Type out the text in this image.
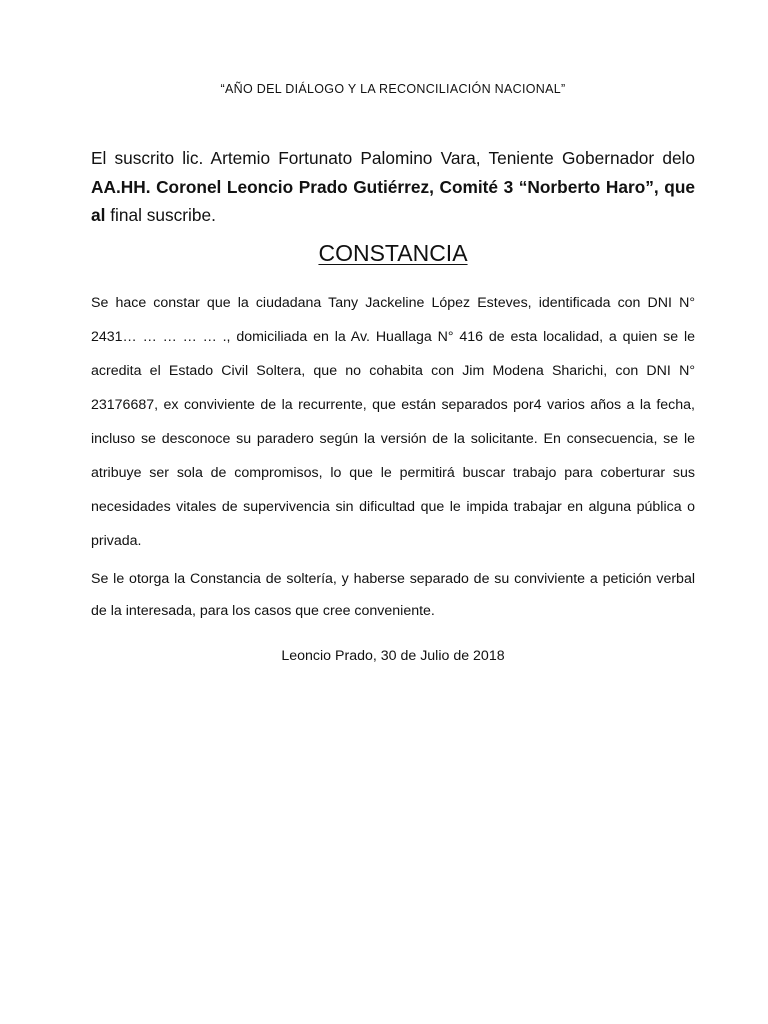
“AÑO DEL DIÁLOGO Y LA RECONCILIACIÓN NACIONAL”
El suscrito lic. Artemio Fortunato Palomino Vara, Teniente Gobernador delo AA.HH. Coronel Leoncio Prado Gutiérrez, Comité 3 “Norberto Haro”, que al final suscribe.
CONSTANCIA
Se hace constar que la ciudadana Tany Jackeline López Esteves, identificada con DNI N° 2431… … … … … ., domiciliada en la Av. Huallaga N° 416 de esta localidad, a quien se le acredita el Estado Civil Soltera, que no cohabita con Jim Modena Sharichi, con DNI N° 23176687, ex conviviente de la recurrente, que están separados por4 varios años a la fecha, incluso se desconoce su paradero según la versión de la solicitante. En consecuencia, se le atribuye ser sola de compromisos, lo que le permitirá buscar trabajo para coberturar sus necesidades vitales de supervivencia sin dificultad que le impida trabajar en alguna pública o privada.
Se le otorga la Constancia de soltería, y haberse separado de su conviviente a petición verbal de la interesada, para los casos que cree conveniente.
Leoncio Prado, 30 de Julio de 2018
